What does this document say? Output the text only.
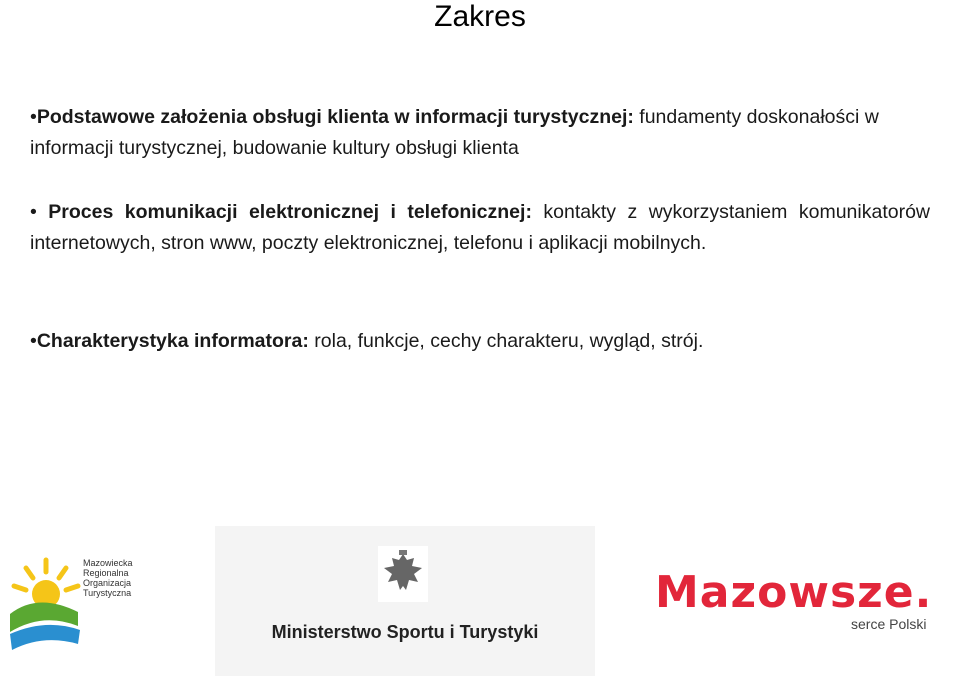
Zakres
•Podstawowe założenia obsługi klienta w informacji turystycznej: fundamenty doskonałości w informacji turystycznej, budowanie kultury obsługi klienta
• Proces komunikacji elektronicznej i telefonicznej: kontakty z wykorzystaniem komunikatorów internetowych, stron www, poczty elektronicznej, telefonu i aplikacji mobilnych.
•Charakterystyka informatora: rola, funkcje, cechy charakteru, wygląd, strój.
Mazowiecka
Regionalna
Organizacja
Turystyczna
Ministerstwo Sportu i Turystyki
Mazowsze.
serce Polski
